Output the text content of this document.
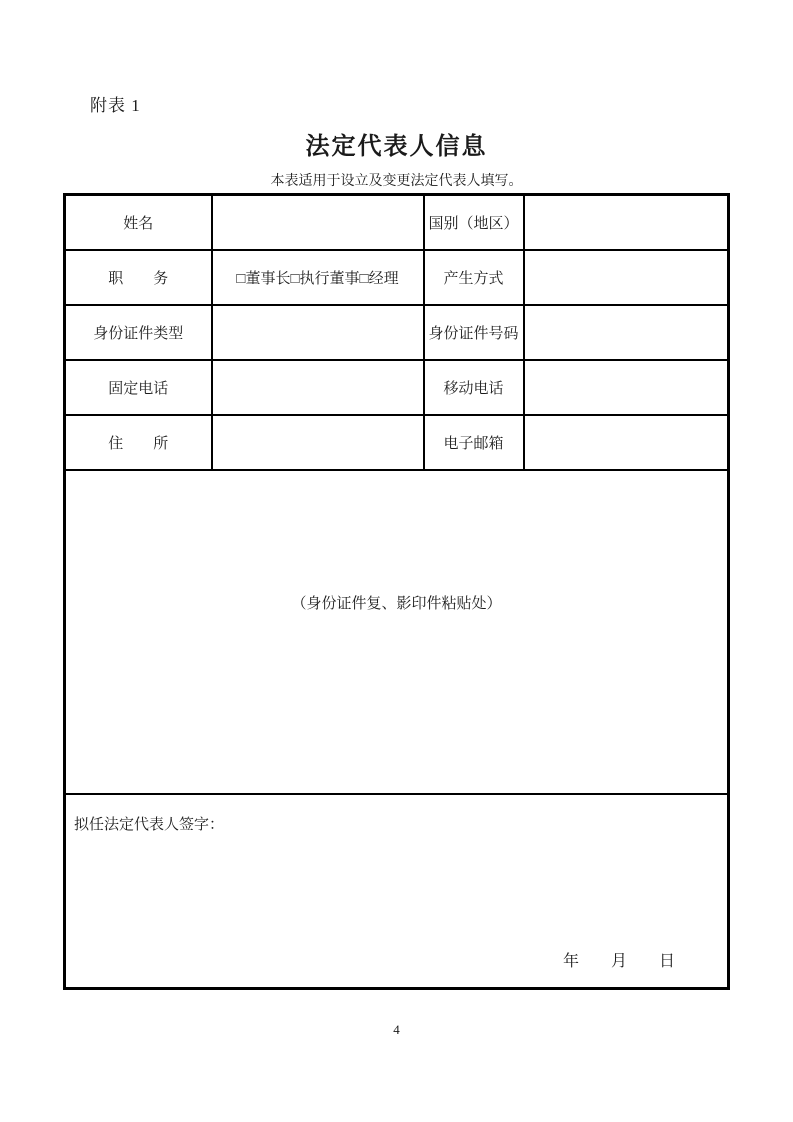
附表 1
法定代表人信息
本表适用于设立及变更法定代表人填写。
姓名		国别（地区）	
职　　务	□董事长□执行董事□经理	产生方式	
身份证件类型		身份证件号码	
固定电话		移动电话	
住　　所		电子邮箱	
（身份证件复、影印件粘贴处）			

拟任法定代表人签字：
年　　月　　日			
4
